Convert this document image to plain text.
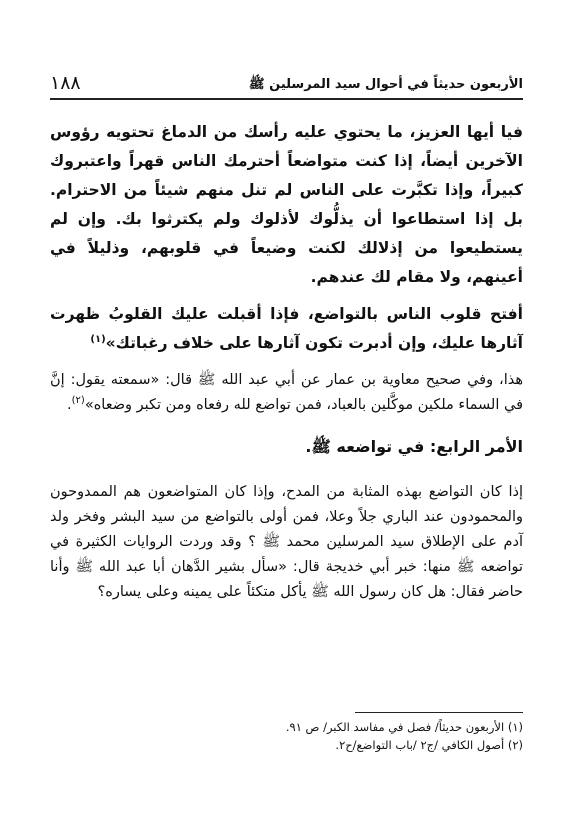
الأربعون حديثاً في أحوال سيد المرسلين ﷺ
١٨٨

فيا أيها العزيز، ما يحتوي عليه رأسك من الدماغ تحتويه رؤوس الآخرين أيضاً، إذا كنت متواضعاً أحترمك الناس قهراً واعتبروك كبيراً، وإذا تكبَّرت على الناس لم تنل منهم شيئاً من الاحترام. بل إذا استطاعوا أن يذلُّوك لأذلوك ولم يكترثوا بك. وإن لم يستطيعوا من إذلالك لكنت وضيعاً في قلوبهم، وذليلاً في أعينهم، ولا مقام لك عندهم.

أفتح قلوب الناس بالتواضع، فإذا أقبلت عليك القلوبُ ظهرت آثارها عليك، وإن أدبرت تكون آثارها على خلاف رغباتك»$^{(١)}$

هذا، وفي صحيح معاوية بن عمار عن أبي عبد الله ﷺ قال: «سمعته يقول: إنَّ في السماء ملكين موكَّلين بالعباد، فمن تواضع لله رفعاه ومن تكبر وضعاه»$^{(٢)}$.

الأمر الرابع: في تواضعه ﷺ.

إذا كان التواضع بهذه المثابة من المدح، وإذا كان المتواضعون هم الممدوحون والمحمودون عند الباري جلاً وعلا، فمن أولى بالتواضع من سيد البشر وفخر ولد آدم على الإطلاق سيد المرسلين محمد ﷺ ؟ وقد وردت الروايات الكثيرة في تواضعه ﷺ منها: خبر أبي خديجة قال: «سأل بشير الدَّهان أبا عبد الله ﷺ وأنا حاضر فقال: هل كان رسول الله ﷺ يأكل متكئاً على يمينه وعلى يساره؟

(١) الأربعون حديثاً/ فصل في مفاسد الكبر/ ص ٩١.
(٢) أصول الكافي /ج٢ /باب التواضع/ح٢.
